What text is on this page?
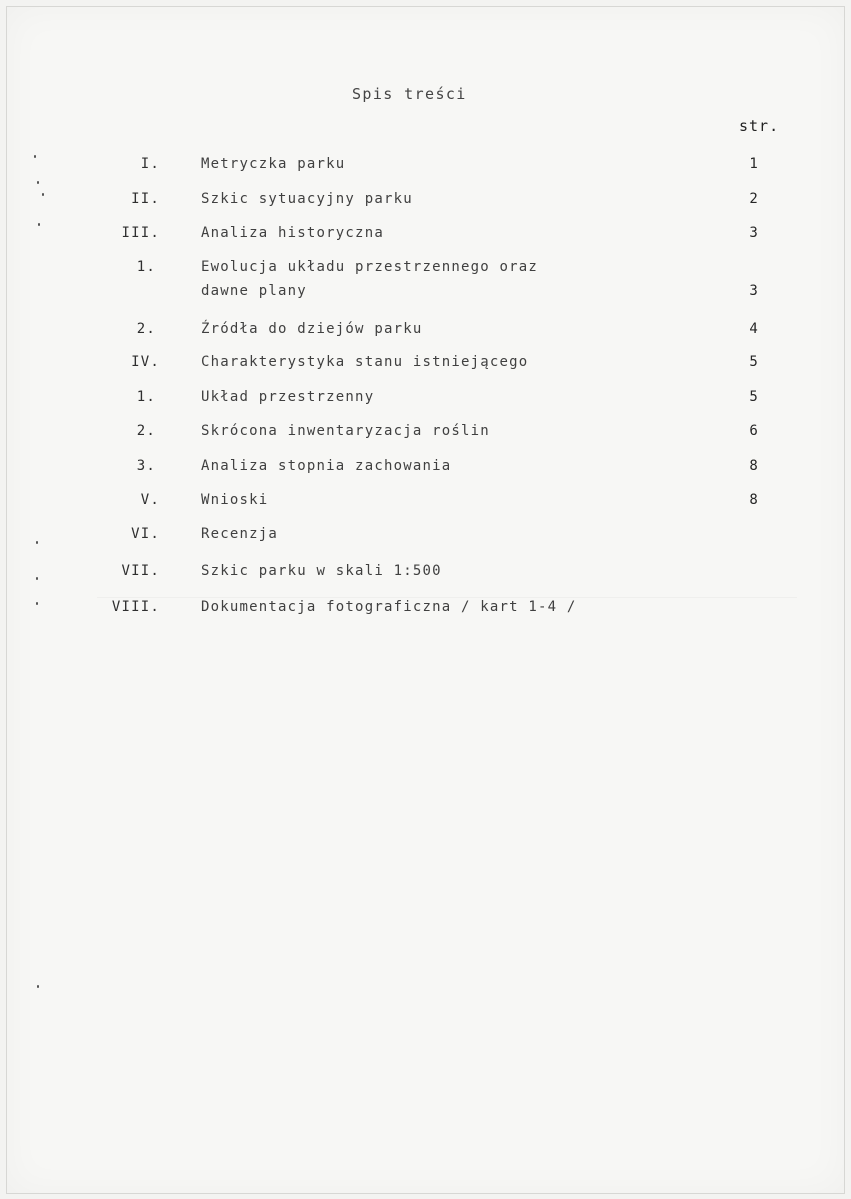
Spis treści
str.
I.	Metryczka parku	1
II.	Szkic sytuacyjny parku	2
III.	Analiza historyczna	3
1.	Ewolucja układu przestrzennego oraz
dawne plany	3
2.	Źródła do dziejów parku	4
IV.	Charakterystyka stanu istniejącego	5
1.	Układ przestrzenny	5
2.	Skrócona inwentaryzacja roślin	6
3.	Analiza stopnia zachowania	8
V.	Wnioski	8
VI.	Recenzja
VII.	Szkic parku w skali 1:500
VIII.	Dokumentacja fotograficzna / kart 1-4 /
